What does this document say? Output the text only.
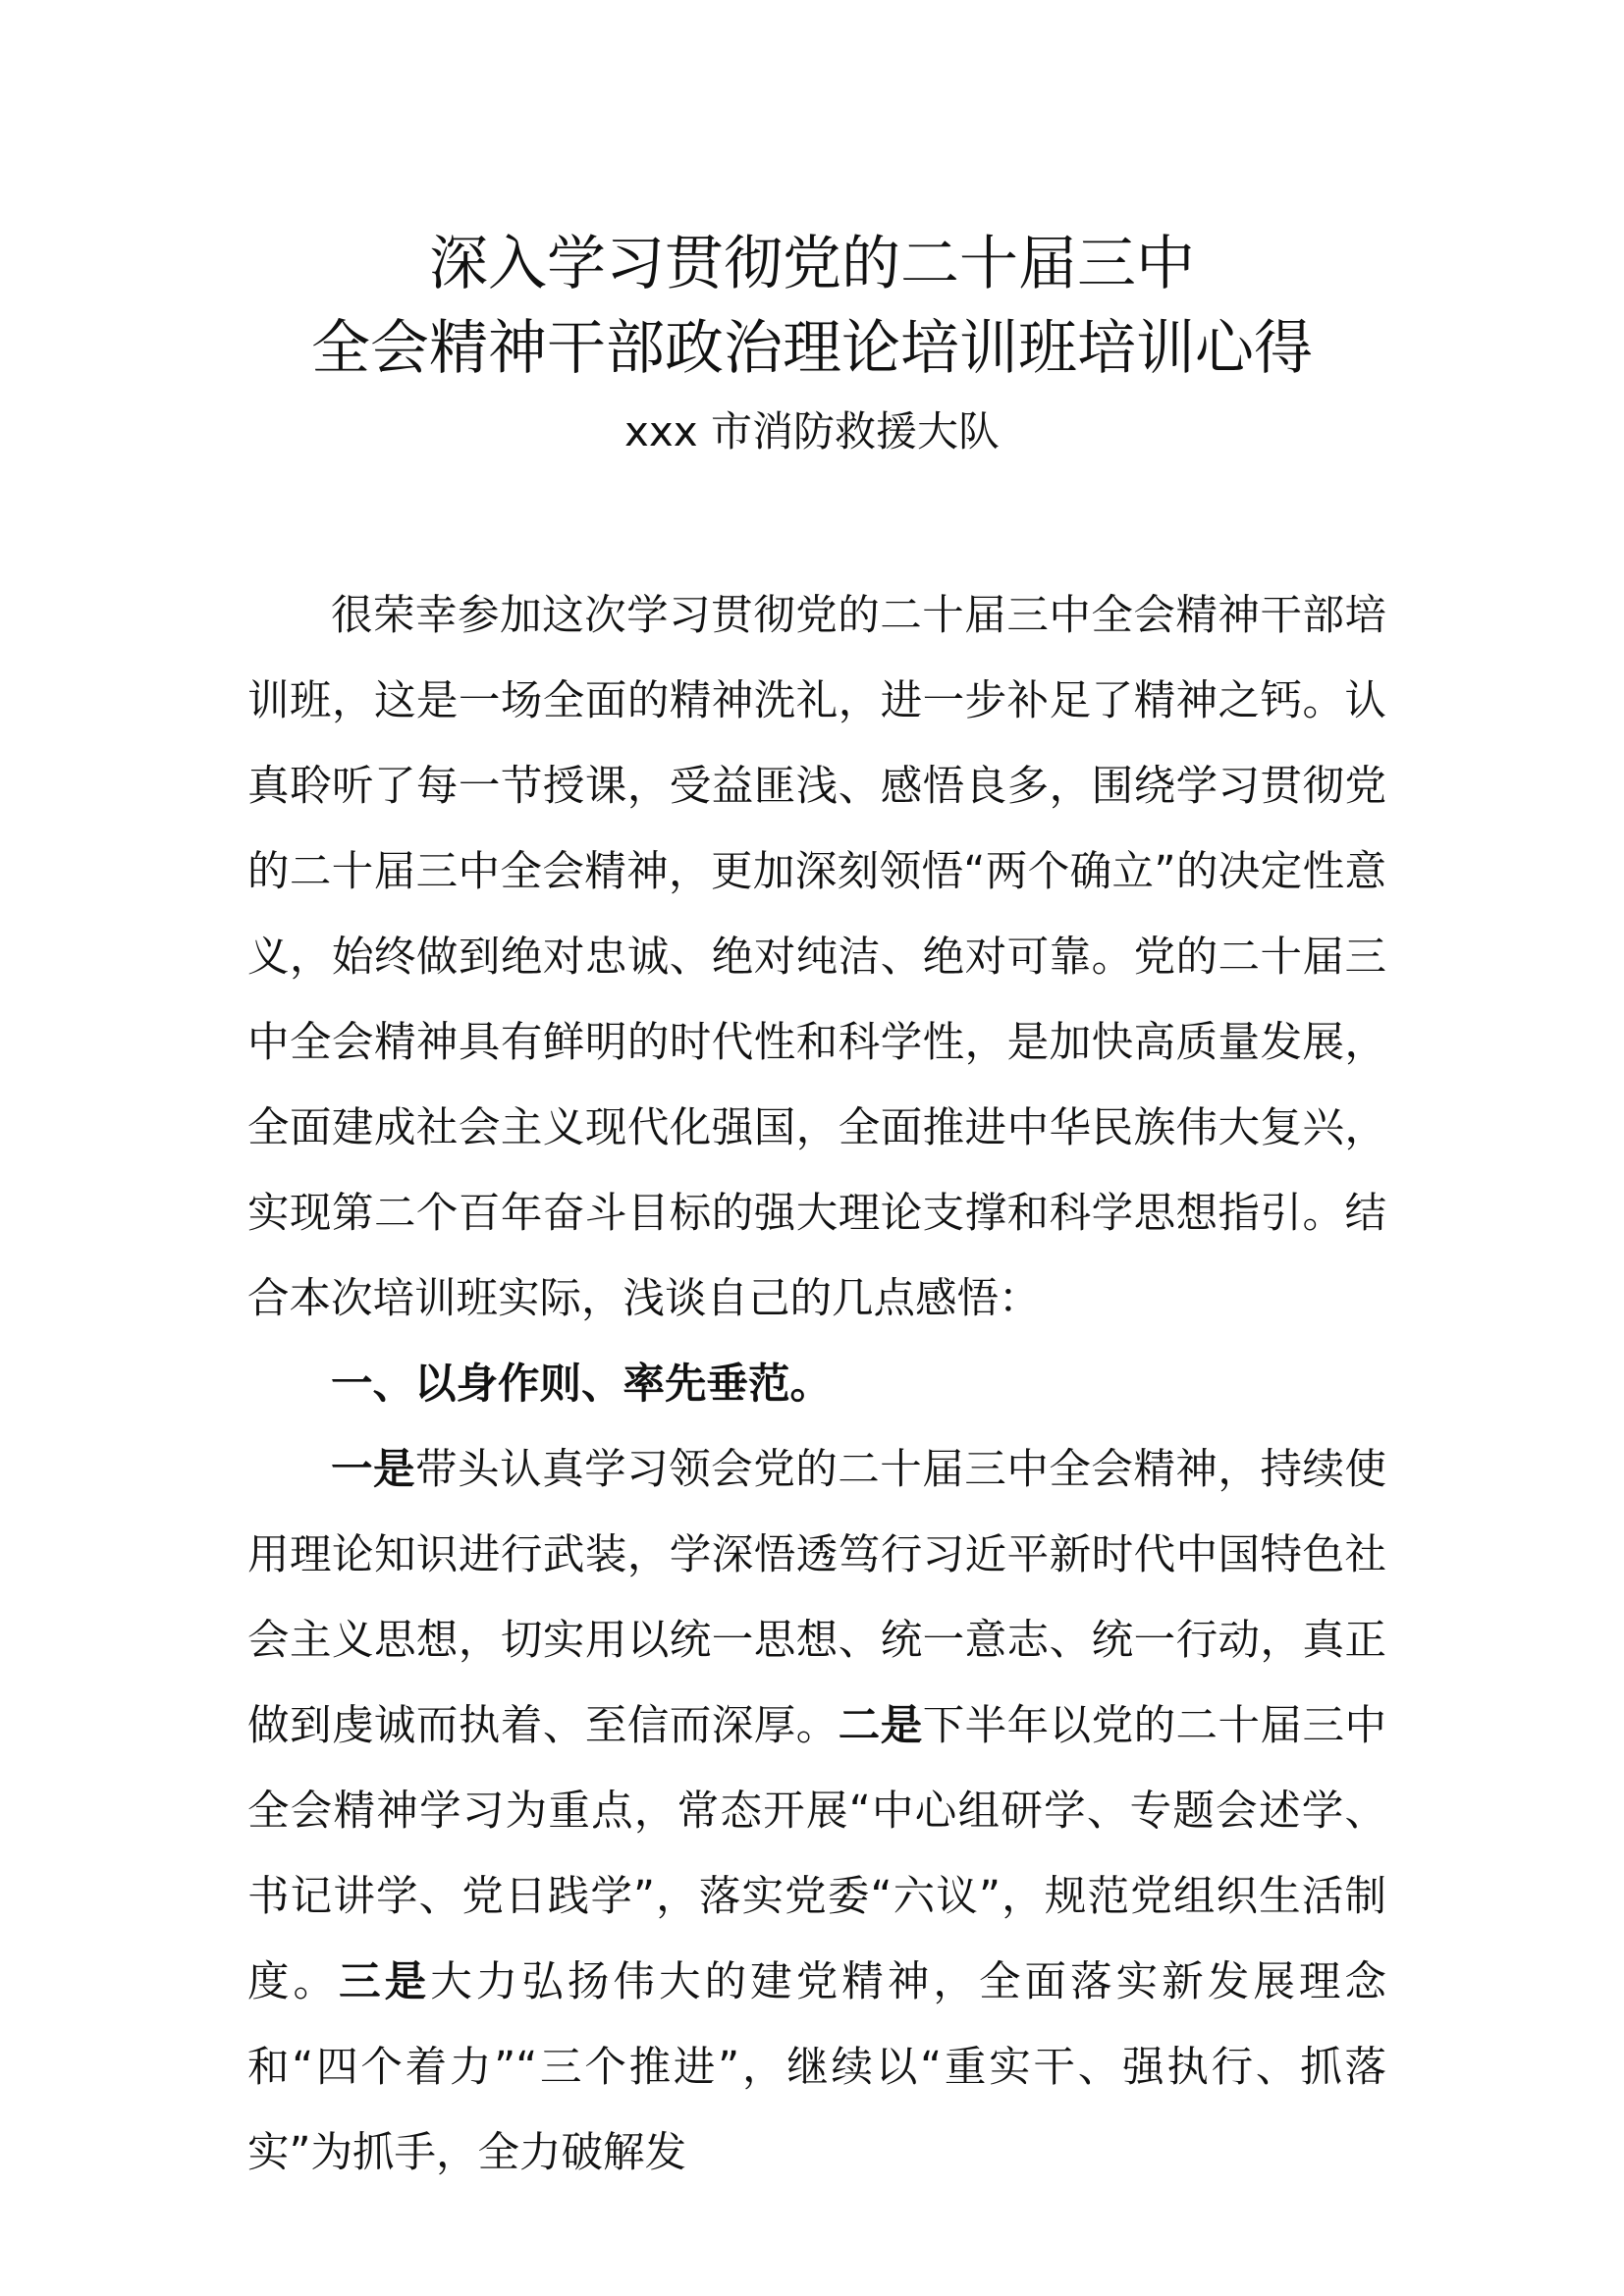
深入学习贯彻党的二十届三中
全会精神干部政治理论培训班培训心得
xxx 市消防救援大队

很荣幸参加这次学习贯彻党的二十届三中全会精神干部培训班，这是一场全面的精神洗礼，进一步补足了精神之钙。认真聆听了每一节授课，受益匪浅、感悟良多，围绕学习贯彻党的二十届三中全会精神，更加深刻领悟“两个确立”的决定性意义，始终做到绝对忠诚、绝对纯洁、绝对可靠。党的二十届三中全会精神具有鲜明的时代性和科学性，是加快高质量发展，全面建成社会主义现代化强国，全面推进中华民族伟大复兴，实现第二个百年奋斗目标的强大理论支撑和科学思想指引。结合本次培训班实际，浅谈自己的几点感悟：

一、以身作则、率先垂范。

一是带头认真学习领会党的二十届三中全会精神，持续使用理论知识进行武装，学深悟透笃行习近平新时代中国特色社会主义思想，切实用以统一思想、统一意志、统一行动，真正做到虔诚而执着、至信而深厚。二是下半年以党的二十届三中全会精神学习为重点，常态开展“中心组研学、专题会述学、书记讲学、党日践学”，落实党委“六议”，规范党组织生活制度。三是大力弘扬伟大的建党精神，全面落实新发展理念和“四个着力”“三个推进”，继续以“重实干、强执行、抓落实”为抓手，全力破解发
